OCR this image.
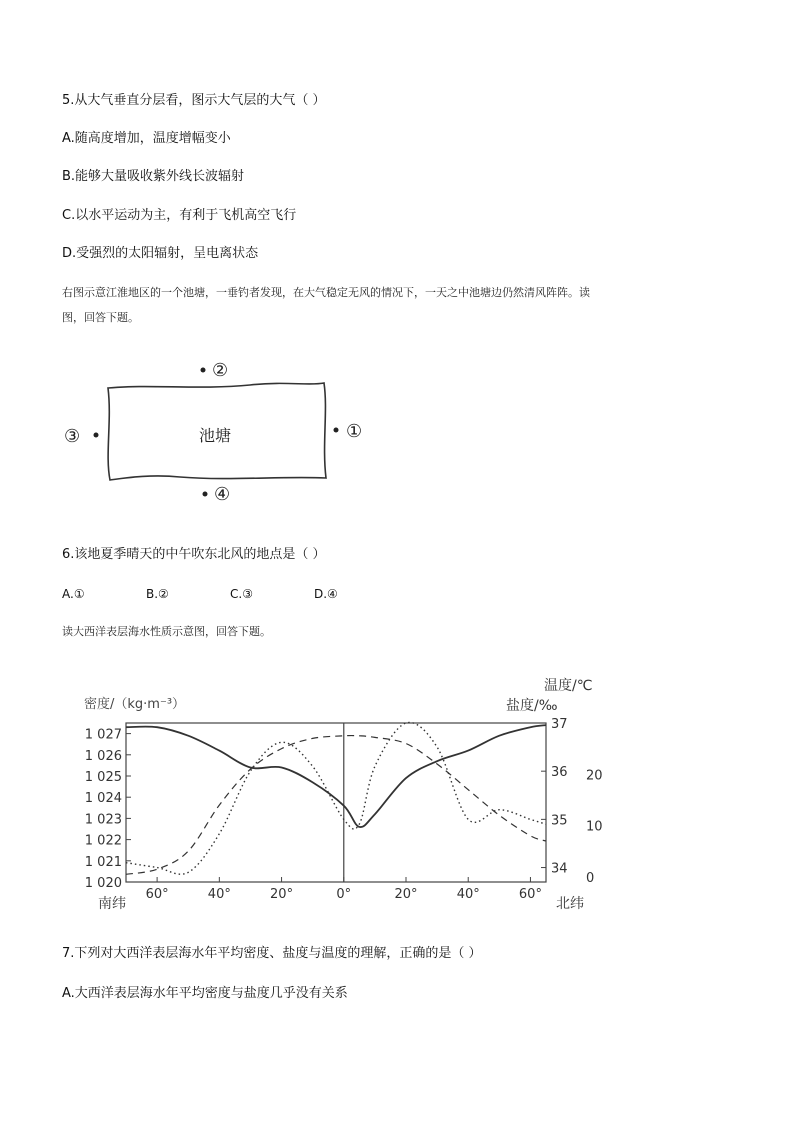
5.从大气垂直分层看，图示大气层的大气（ ）
A.随高度增加，温度增幅变小
B.能够大量吸收紫外线长波辐射
C.以水平运动为主，有利于飞机高空飞行
D.受强烈的太阳辐射，呈电离状态
右图示意江淮地区的一个池塘，一垂钓者发现，在大气稳定无风的情况下，一天之中池塘边仍然清风阵阵。读
图，回答下题。
池塘
②
①
③
④
6.该地夏季晴天的中午吹东北风的地点是（ ）
A.①	B.②	C.③	D.④
读大西洋表层海水性质示意图，回答下题。
密度/（kg·m⁻³）
温度/℃
盐度/‰
南纬	北纬
60°	40°	20°	0°	20°	40°	60°
1 020
1 021
1 022
1 023
1 024
1 025
1 026
1 027
34
35
36
37
0
10
20
7.下列对大西洋表层海水年平均密度、盐度与温度的理解，正确的是（ ）
A.大西洋表层海水年平均密度与盐度几乎没有关系
